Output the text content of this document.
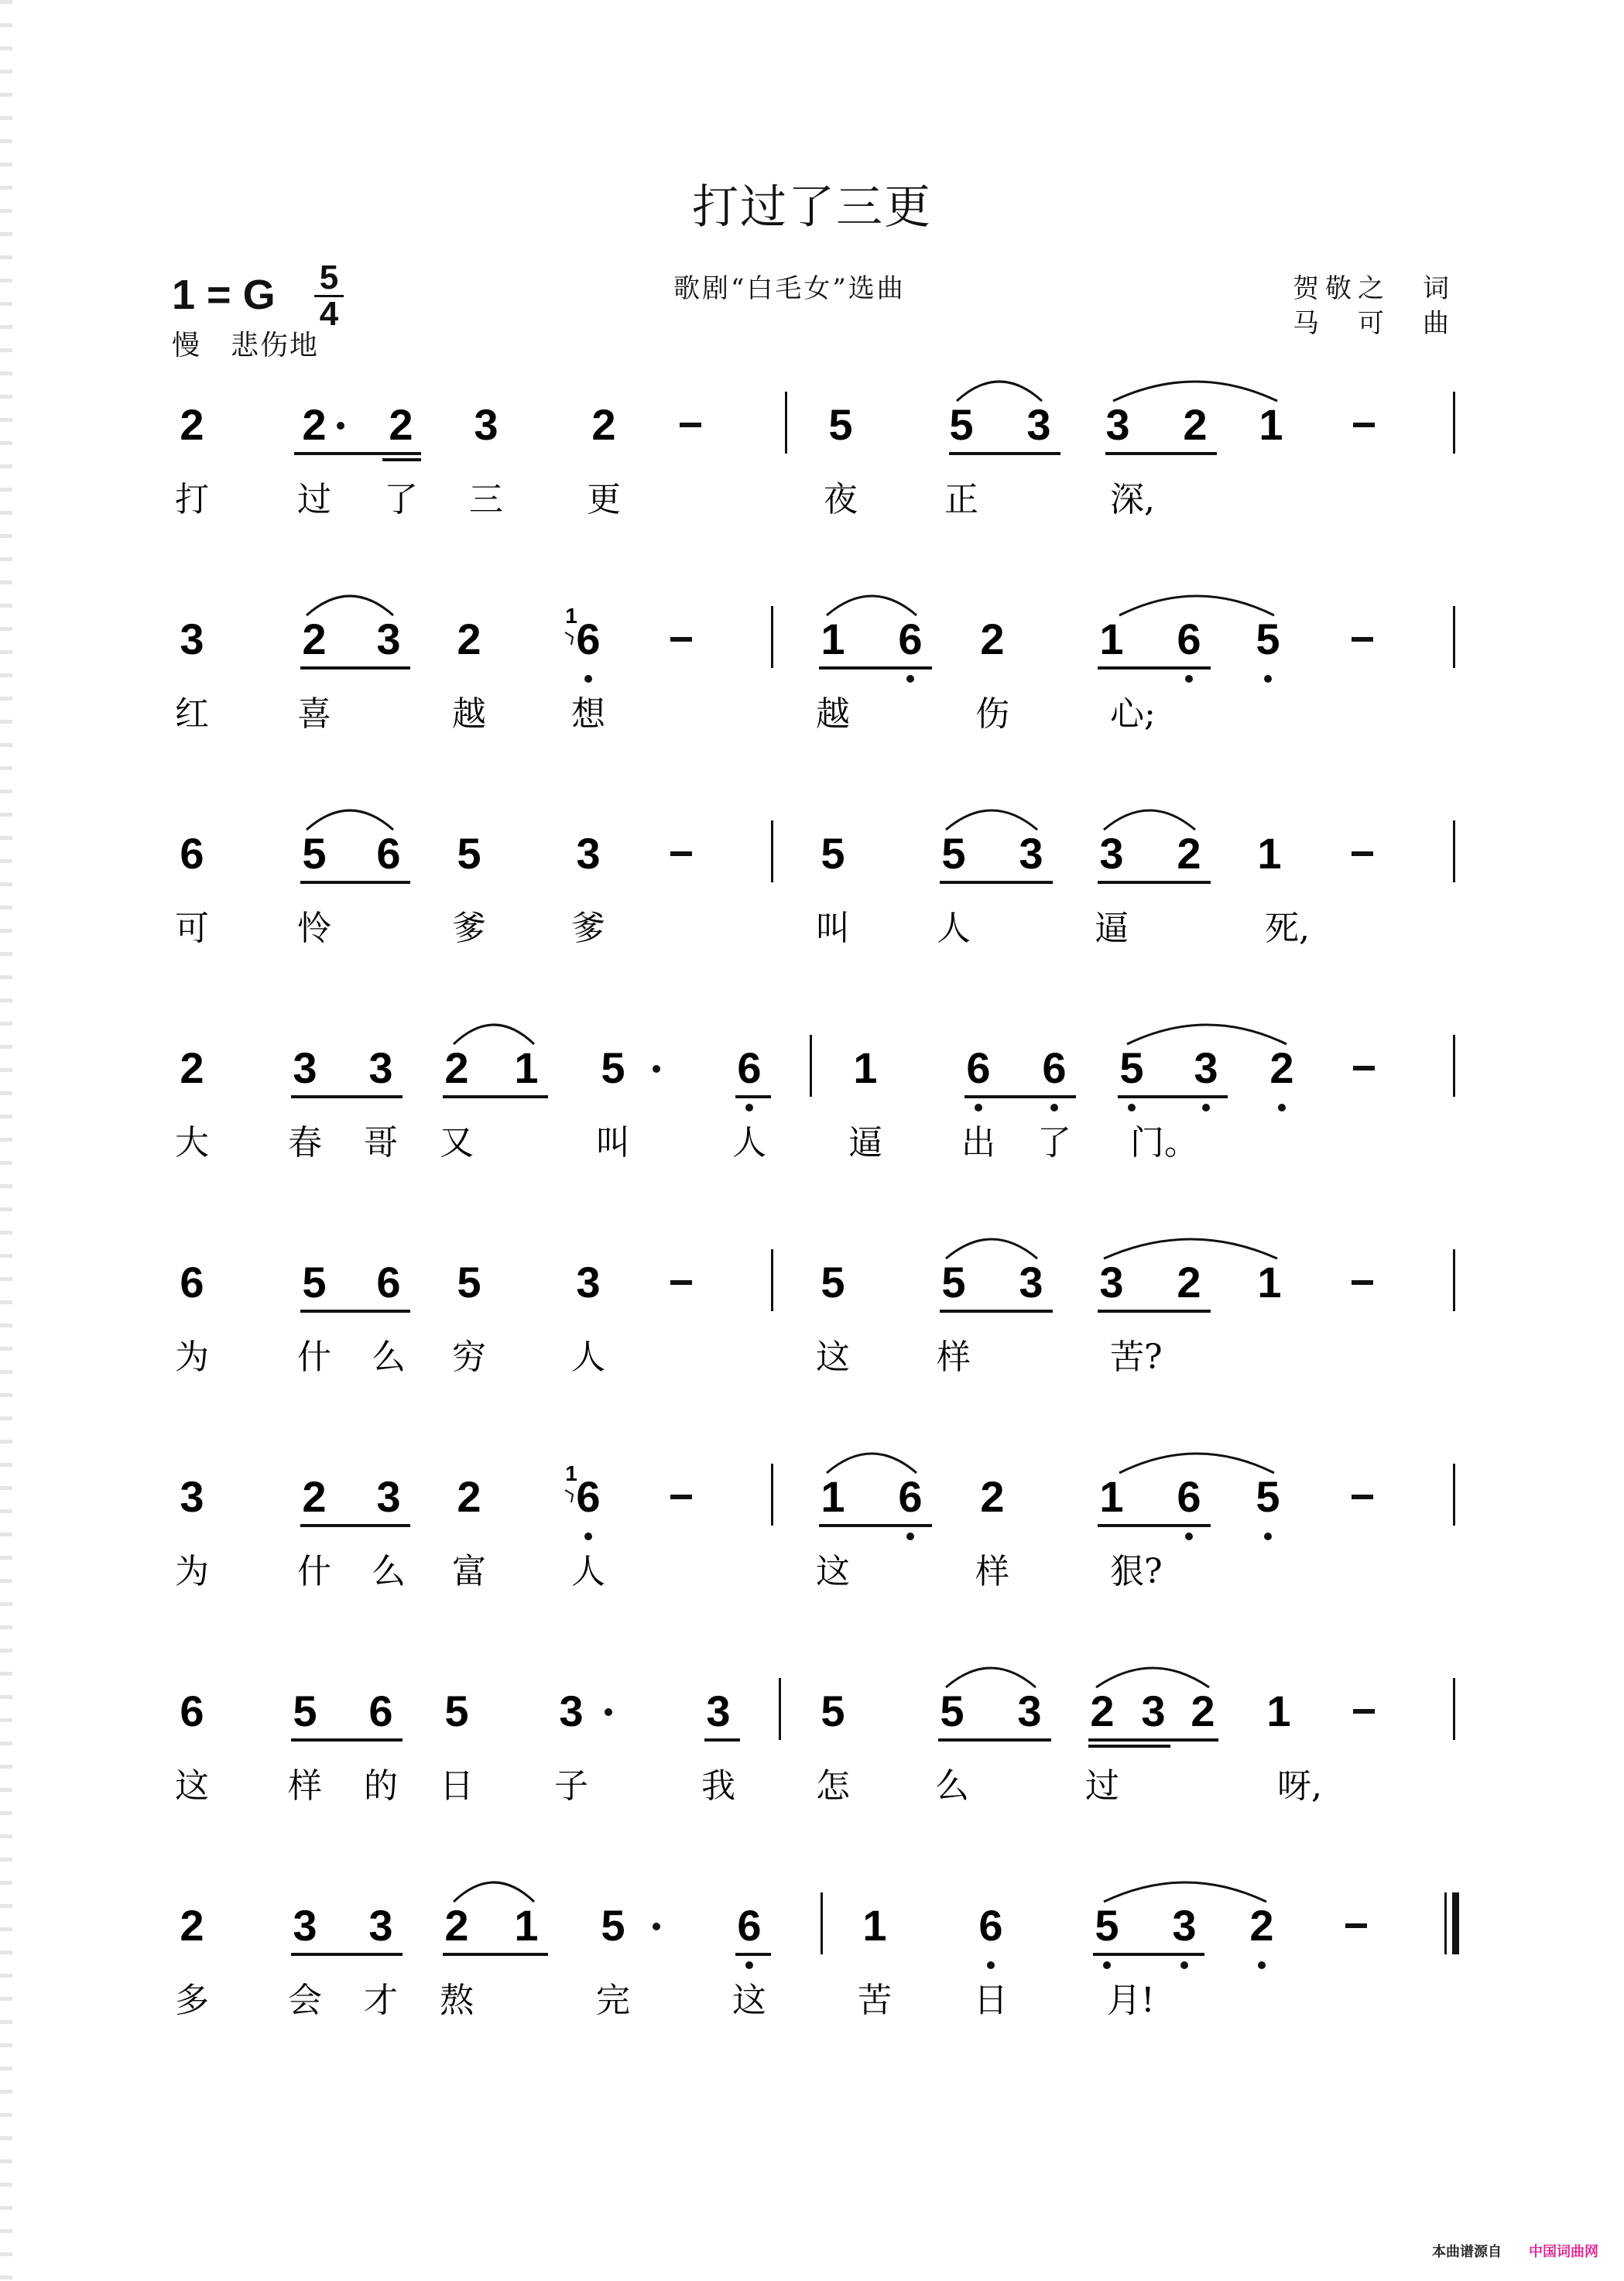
打过了三更
1 = G 5
4
慢　悲伤地
歌剧“白毛女”选曲	贺敬之　词
马　可　曲
2 2 2 3 2	5 5 3 3 2 1
打	过 了 三 更	夜	正	深,
3 2 3 2 6
1	1 6 2 1 6 5
红	喜	越	想	越	伤	心;
6 5 6 5 3	5 5 3 3 2 1
可	怜	爹	爹	叫	人	逼	死,
2 3 3 2 1 5	6 1 6 6 5 3 2
大 春 哥 又	叫	人 逼 出 了 门。
6 5 6 5 3	5 5 3 3 2 1
为	什 么 穷	人	这	样	苦?
3 2 3 2 6
1	1 6 2 1 6 5
为	什 么 富	人	这	样	狠?
6 5 6 5 3	3 5 5 3 2 3 2 1
这 样 的 日 子	我 怎	么	过	呀,
2 3 3 2 1 5	6 1 6 5 3 2
多 会 才 熬	完	这	苦 日	月!
本曲谱源自 中国词曲网
